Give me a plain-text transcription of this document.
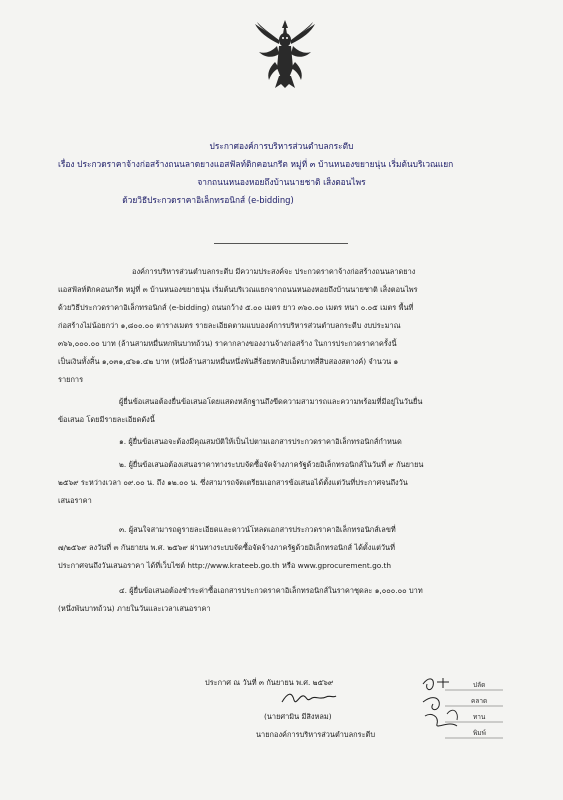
ประกาศองค์การบริหารส่วนตำบลกระตีบ
เรื่อง ประกวดราคาจ้างก่อสร้างถนนลาดยางแอสฟัลท์ติกคอนกรีต หมู่ที่ ๓ บ้านหนองขยายนุ่น เริ่มต้นบริเวณแยก
จากถนนหนองหอยถึงบ้านนายชาติ เส็งตอนไพร
ด้วยวิธีประกวดราคาอิเล็กทรอนิกส์ (e-bidding)
องค์การบริหารส่วนตำบลกระตีบ มีความประสงค์จะ ประกวดราคาจ้างก่อสร้างถนนลาดยาง
แอสฟัลท์ติกคอนกรีต หมู่ที่ ๓ บ้านหนองขยายนุ่น เริ่มต้นบริเวณแยกจากถนนหนองหอยถึงบ้านนายชาติ เส็งตอนไพร
ด้วยวิธีประกวดราคาอิเล็กทรอนิกส์ (e-bidding) ถนนกว้าง ๕.๐๐ เมตร ยาว ๓๖๐.๐๐ เมตร หนา ๐.๐๕ เมตร พื้นที่
ก่อสร้างไม่น้อยกว่า ๑,๘๐๐.๐๐ ตารางเมตร รายละเอียดตามแบบองค์การบริหารส่วนตำบลกระตีบ งบประมาณ
๓๖๖,๐๐๐.๐๐ บาท (ล้านสามหมื่นหกพันบาทถ้วน) ราคากลางของงานจ้างก่อสร้าง ในการประกวดราคาครั้งนี้
เป็นเงินทั้งสิ้น ๑,๐๓๑,๔๖๑.๔๒ บาท (หนึ่งล้านสามหมื่นหนึ่งพันสี่ร้อยหกสิบเอ็ดบาทสี่สิบสองสตางค์) จำนวน ๑
รายการ
ผู้ยื่นข้อเสนอต้องยื่นข้อเสนอโดยแสดงหลักฐานถึงขีดความสามารถและความพร้อมที่มีอยู่ในวันยื่น
ข้อเสนอ โดยมีรายละเอียดดังนี้
๑. ผู้ยื่นข้อเสนอจะต้องมีคุณสมบัติให้เป็นไปตามเอกสารประกวดราคาอิเล็กทรอนิกส์กำหนด
๒. ผู้ยื่นข้อเสนอต้องเสนอราคาทางระบบจัดซื้อจัดจ้างภาครัฐด้วยอิเล็กทรอนิกส์ในวันที่ ๙ กันยายน
๒๕๖๙ ระหว่างเวลา ๐๙.๐๐ น. ถึง ๑๒.๐๐ น. ซึ่งสามารถจัดเตรียมเอกสารข้อเสนอได้ตั้งแต่วันที่ประกาศจนถึงวัน
เสนอราคา
๓. ผู้สนใจสามารถดูรายละเอียดและดาวน์โหลดเอกสารประกวดราคาอิเล็กทรอนิกส์เลขที่
๗/๒๕๖๙ ลงวันที่ ๓ กันยายน พ.ศ. ๒๕๖๙ ผ่านทางระบบจัดซื้อจัดจ้างภาครัฐด้วยอิเล็กทรอนิกส์ ได้ตั้งแต่วันที่
ประกาศจนถึงวันเสนอราคา ได้ที่เว็บไซต์ http://www.krateeb.go.th หรือ www.gprocurement.go.th
๔. ผู้ยื่นข้อเสนอต้องชำระค่าซื้อเอกสารประกวดราคาอิเล็กทรอนิกส์ในราคาชุดละ ๑,๐๐๐.๐๐ บาท
(หนึ่งพันบาทถ้วน) ภายในวันและเวลาเสนอราคา
ประกาศ ณ วันที่ ๓ กันยายน พ.ศ. ๒๕๖๙
(นายศามิน มีสิงหลม)
นายกองค์การบริหารส่วนตำบลกระตีบ
ปลัด
คลาด
ทาน
พิมพ์
